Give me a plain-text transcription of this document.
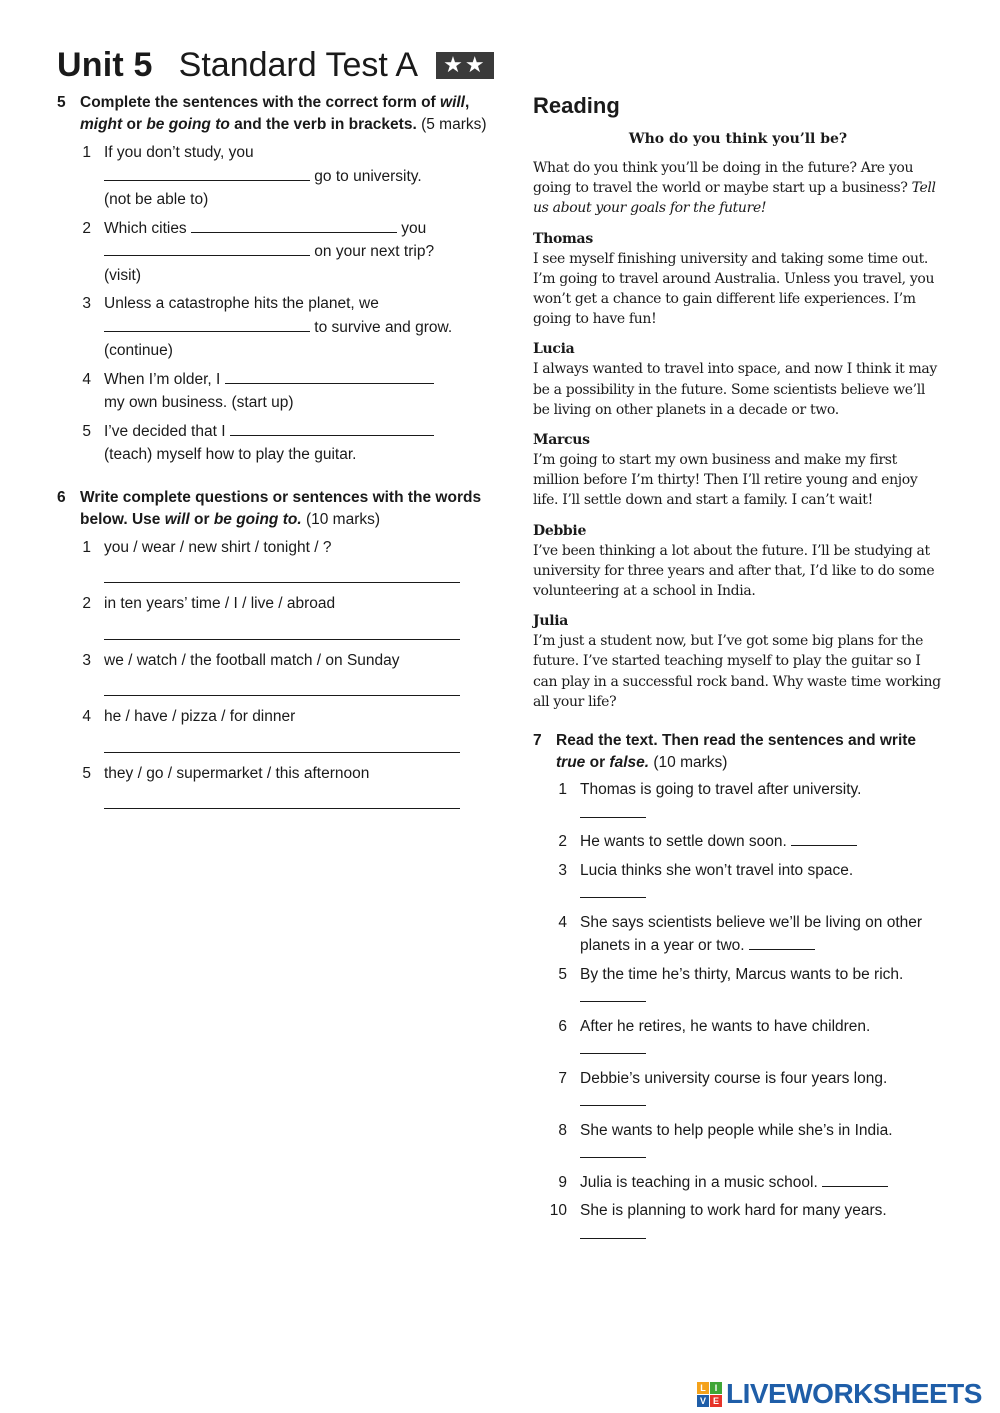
Unit 5 Standard Test A	★★
5 Complete the sentences with the correct form of will, might or be going to and the verb in brackets. (5 marks)
1 If you don’t study, you
go to university.
(not be able to)
2 Which cities	you
on your next trip?
(visit)
3 Unless a catastrophe hits the planet, we
to survive and grow.
(continue)
4 When I’m older, I
my own business. (start up)
5 I’ve decided that I
(teach) myself how to play the guitar.
6 Write complete questions or sentences with the words below. Use will or be going to. (10 marks)
1 you / wear / new shirt / tonight / ?
2 in ten years’ time / I / live / abroad
3 we / watch / the football match / on Sunday
4 he / have / pizza / for dinner
5 they / go / supermarket / this afternoon
Reading
Who do you think you’ll be?
What do you think you’ll be doing in the future? Are you going to travel the world or maybe start up a business? Tell us about your goals for the future!
Thomas
I see myself finishing university and taking some time out. I’m going to travel around Australia. Unless you travel, you won’t get a chance to gain different life experiences. I’m going to have fun!
Lucia
I always wanted to travel into space, and now I think it may be a possibility in the future. Some scientists believe we’ll be living on other planets in a decade or two.
Marcus
I’m going to start my own business and make my first million before I’m thirty! Then I’ll retire young and enjoy life. I’ll settle down and start a family. I can’t wait!
Debbie
I’ve been thinking a lot about the future. I’ll be studying at university for three years and after that, I’d like to do some volunteering at a school in India.
Julia
I’m just a student now, but I’ve got some big plans for the future. I’ve started teaching myself to play the guitar so I can play in a successful rock band. Why waste time working all your life?
7 Read the text. Then read the sentences and write true or false. (10 marks)
1 Thomas is going to travel after university.
2 He wants to settle down soon.
3 Lucia thinks she won’t travel into space.
4 She says scientists believe we’ll be living on other planets in a year or two.
5 By the time he’s thirty, Marcus wants to be rich.
6 After he retires, he wants to have children.
7 Debbie’s university course is four years long.
8 She wants to help people while she’s in India.
9 Julia is teaching in a music school.
10 She is planning to work hard for many years.
L I
V E LIVEWORKSHEETS
